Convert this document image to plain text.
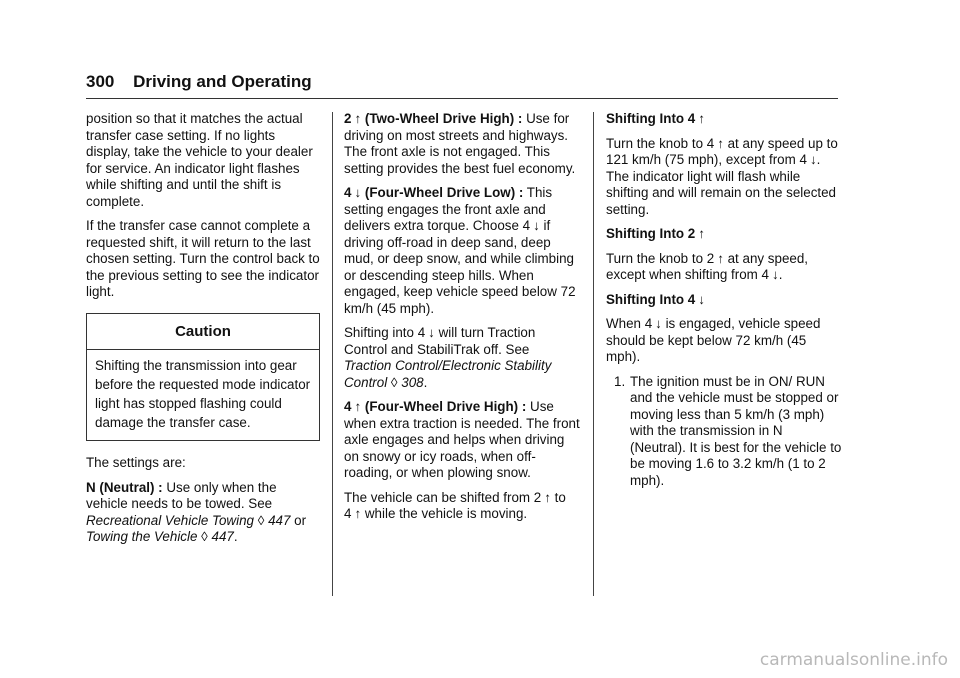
300 Driving and Operating

position so that it matches the actual transfer case setting. If no lights display, take the vehicle to your dealer for service. An indicator light flashes while shifting and until the shift is complete.

If the transfer case cannot complete a requested shift, it will return to the last chosen setting. Turn the control back to the previous setting to see the indicator light.

Caution
Shifting the transmission into gear before the requested mode indicator light has stopped flashing could damage the transfer case.

The settings are:

N (Neutral) : Use only when the vehicle needs to be towed. See Recreational Vehicle Towing ◊ 447 or Towing the Vehicle ◊ 447.

2 ↑ (Two-Wheel Drive High) : Use for driving on most streets and highways. The front axle is not engaged. This setting provides the best fuel economy.

4 ↓ (Four-Wheel Drive Low) : This setting engages the front axle and delivers extra torque. Choose 4 ↓ if driving off-road in deep sand, deep mud, or deep snow, and while climbing or descending steep hills. When engaged, keep vehicle speed below 72 km/h (45 mph).

Shifting into 4 ↓ will turn Traction Control and StabiliTrak off. See Traction Control/Electronic Stability Control ◊ 308.

4 ↑ (Four-Wheel Drive High) : Use when extra traction is needed. The front axle engages and helps when driving on snowy or icy roads, when off-roading, or when plowing snow.

The vehicle can be shifted from 2 ↑ to 4 ↑ while the vehicle is moving.

Shifting Into 4 ↑

Turn the knob to 4 ↑ at any speed up to 121 km/h (75 mph), except from 4 ↓. The indicator light will flash while shifting and will remain on the selected setting.

Shifting Into 2 ↑

Turn the knob to 2 ↑ at any speed, except when shifting from 4 ↓.

Shifting Into 4 ↓

When 4 ↓ is engaged, vehicle speed should be kept below 72 km/h (45 mph).

1. The ignition must be in ON/ RUN and the vehicle must be stopped or moving less than 5 km/h (3 mph) with the transmission in N (Neutral). It is best for the vehicle to be moving 1.6 to 3.2 km/h (1 to 2 mph).
carmanualsonline.info
